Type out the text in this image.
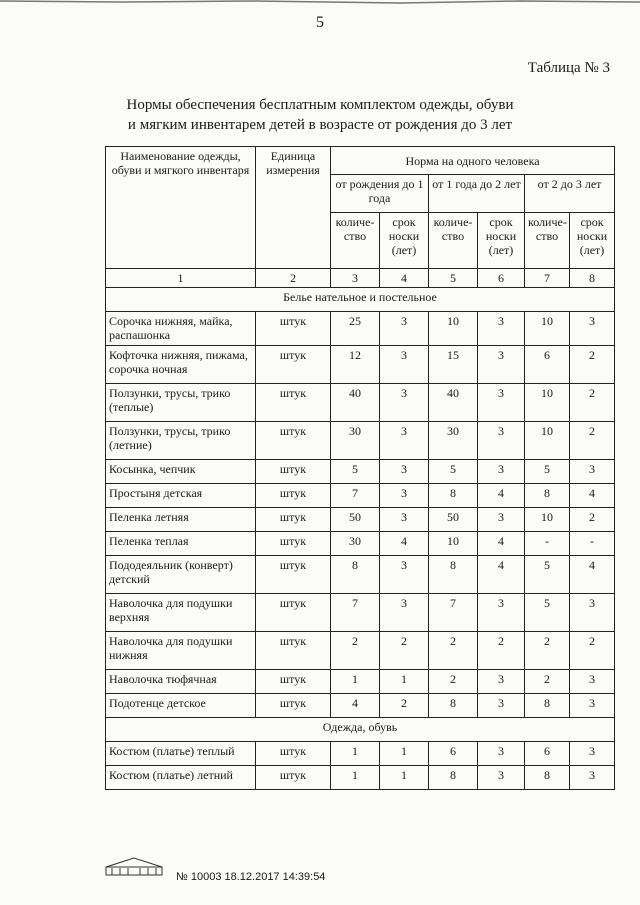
5
Таблица № 3
Нормы обеспечения бесплатным комплектом одежды, обуви
и мягким инвентарем детей в возрасте от рождения до 3 лет
Наименование одежды, обуви и мягкого инвентаря	Единица измерения	Норма на одного человека					
		от рождения до 1 года		от 1 года до 2 лет		от 2 до 3 лет	
		количе-ство	срок носки (лет)	количе-ство	срок носки (лет)	количе-ство	срок носки (лет)
1	2	3	4	5	6	7	8
Белье нательное и постельное							
Сорочка нижняя, майка, распашонка	штук	25	3	10	3	10	3
Кофточка нижняя, пижама, сорочка ночная	штук	12	3	15	3	6	2
Ползунки, трусы, трико (теплые)	штук	40	3	40	3	10	2
Ползунки, трусы, трико (летние)	штук	30	3	30	3	10	2
Косынка, чепчик	штук	5	3	5	3	5	3
Простыня детская	штук	7	3	8	4	8	4
Пеленка летняя	штук	50	3	50	3	10	2
Пеленка теплая	штук	30	4	10	4	-	-
Пододеяльник (конверт) детский	штук	8	3	8	4	5	4
Наволочка для подушки верхняя	штук	7	3	7	3	5	3
Наволочка для подушки нижняя	штук	2	2	2	2	2	2
Наволочка тюфячная	штук	1	1	2	3	2	3
Подотенце детское	штук	4	2	8	3	8	3
Одежда, обувь							
Костюм (платье) теплый	штук	1	1	6	3	6	3
Костюм (платье) летний	штук	1	1	8	3	8	3
№ 10003 18.12.2017 14:39:54
